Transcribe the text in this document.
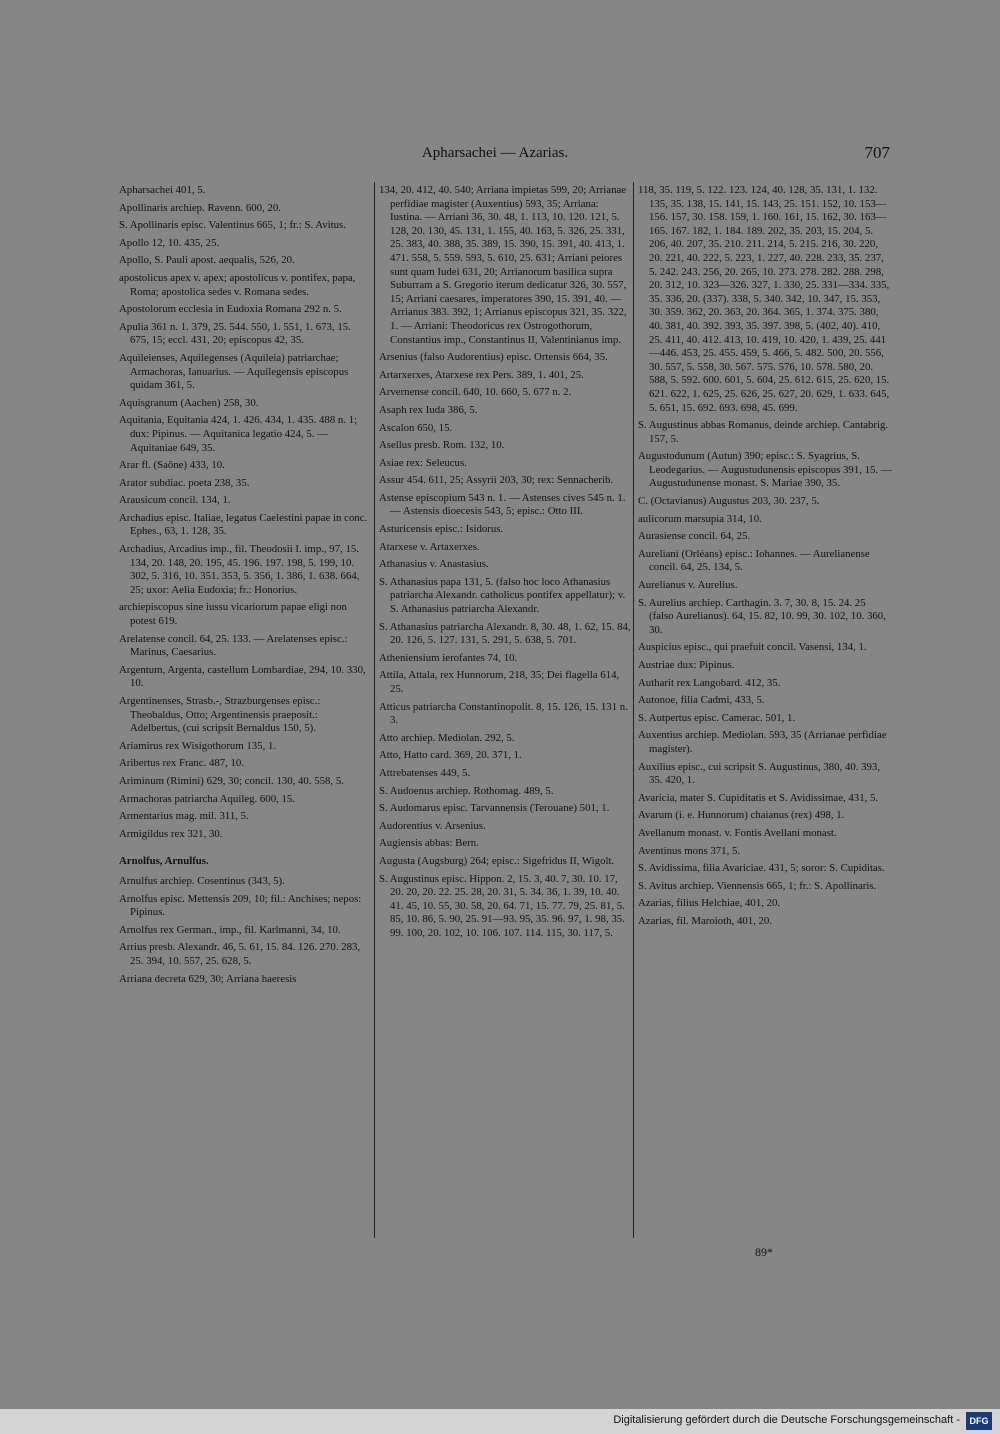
Apharsachei — Azarias.	707

Apharsachei 401, 5.

Apollinaris archiep. Ravenn. 600, 20.

S. Apollinaris episc. Valentinus 665, 1; fr.: S. Avitus.

Apollo 12, 10. 435, 25.

Apollo, S. Pauli apost. aequalis, 526, 20.

apostolicus apex v. apex; apostolicus v. pontifex, papa, Roma; apostolica sedes v. Romana sedes.

Apostolorum ecclesia in Eudoxia Romana 292 n. 5.

Apulia 361 n. 1. 379, 25. 544. 550, 1. 551, 1. 673, 15. 675, 15; eccl. 431, 20; episcopus 42, 35.

Aquileienses, Aquilegenses (Aquileia) patriarchae; Armachoras, Ianuarius. — Aquilegensis episcopus quidam 361, 5.

Aquisgranum (Aachen) 258, 30.

Aquitania, Equitania 424, 1. 426. 434, 1. 435. 488 n. 1; dux: Pipinus. — Aquitanica legatio 424, 5. — Aquitaniae 649, 35.

Arar fl. (Saône) 433, 10.

Arator subdiac. poeta 238, 35.

Arausicum concil. 134, 1.

Archadius episc. Italiae, legatus Caelestini papae in conc. Ephes., 63, 1. 128, 35.

Archadius, Arcadius imp., fil. Theodosii I. imp., 97, 15. 134, 20. 148, 20. 195, 45. 196. 197. 198, 5. 199, 10. 302, 5. 316, 10. 351. 353, 5. 356, 1. 386, 1. 638. 664, 25; uxor: Aelia Eudoxia; fr.: Honorius.

archiepiscopus sine iussu vicariorum papae eligi non potest 619.

Arelatense concil. 64, 25. 133. — Arelatenses episc.: Marinus, Caesarius.

Argentum, Argenta, castellum Lombardiae, 294, 10. 330, 10.

Argentinenses, Strasb.-, Strazburgenses episc.: Theobaldus, Otto; Argentinensis praeposit.: Adelbertus, (cui scripsit Bernaldus 150, 5).

Ariamirus rex Wisigothorum 135, 1.

Aribertus rex Franc. 487, 10.

Ariminum (Rimini) 629, 30; concil. 130, 40. 558, 5.

Armachoras patriarcha Aquileg. 600, 15.

Armentarius mag. mil. 311, 5.

Armigildus rex 321, 30.

Arnolfus, Arnulfus.

Arnulfus archiep. Cosentinus (343, 5).

Arnolfus episc. Mettensis 209, 10; fil.: Anchises; nepos: Pipinus.

Arnolfus rex German., imp., fil. Karlmanni, 34, 10.

Arrius presb. Alexandr. 46, 5. 61, 15. 84. 126. 270. 283, 25. 394, 10. 557, 25. 628, 5.

Arriana decreta 629, 30; Arriana haeresis

134, 20. 412, 40. 540; Arriana impietas 599, 20; Arrianae perfidiae magister (Auxentius) 593, 35; Arriana: Iustina. — Arriani 36, 30. 48, 1. 113, 10. 120. 121, 5. 128, 20. 130, 45. 131, 1. 155, 40. 163, 5. 326, 25. 331, 25. 383, 40. 388, 35. 389, 15. 390, 15. 391, 40. 413, 1. 471. 558, 5. 559. 593, 5. 610, 25. 631; Arriani peiores sunt quam Iudei 631, 20; Arrianorum basilica supra Suburram a S. Gregorio iterum dedicatur 326, 30. 557, 15; Arriani caesares, imperatores 390, 15. 391, 40. — Arrianus 383. 392, 1; Arrianus episcopus 321, 35. 322, 1. — Arriani: Theodoricus rex Ostrogothorum, Constantius imp., Constantinus II, Valentinianus imp.

Arsenius (falso Audorentius) episc. Ortensis 664, 35.

Artarxerxes, Atarxese rex Pers. 389, 1. 401, 25.

Arvernense concil. 640, 10. 660, 5. 677 n. 2.

Asaph rex Iuda 386, 5.

Ascalon 650, 15.

Asellus presb. Rom. 132, 10.

Asiae rex: Seleucus.

Assur 454. 611, 25; Assyrii 203, 30; rex: Sennacherib.

Astense episcopium 543 n. 1. — Astenses cives 545 n. 1. — Astensis dioecesis 543, 5; episc.: Otto III.

Asturicensis episc.: Isidorus.

Atarxese v. Artaxerxes.

Athanasius v. Anastasius.

S. Athanasius papa 131, 5. (falso hoc loco Athanasius patriarcha Alexandr. catholicus pontifex appellatur); v. S. Athanasius patriarcha Alexandr.

S. Athanasius patriarcha Alexandr. 8, 30. 48, 1. 62, 15. 84, 20. 126, 5. 127. 131, 5. 291, 5. 638, 5. 701.

Atheniensium ierofantes 74, 10.

Attila, Attala, rex Hunnorum, 218, 35; Dei flagella 614, 25.

Atticus patriarcha Constantinopolit. 8, 15. 126, 15. 131 n. 3.

Atto archiep. Mediolan. 292, 5.

Atto, Hatto card. 369, 20. 371, 1.

Attrebatenses 449, 5.

S. Audoenus archiep. Rothomag. 489, 5.

S. Audomarus episc. Tarvannensis (Terouane) 501, 1.

Audorentius v. Arsenius.

Augiensis abbas: Bern.

Augusta (Augsburg) 264; episc.: Sigefridus II, Wigolt.

S. Augustinus episc. Hippon. 2, 15. 3, 40. 7, 30. 10. 17, 20. 20, 20. 22. 25. 28, 20. 31, 5. 34. 36, 1. 39, 10. 40. 41. 45, 10. 55, 30. 58, 20. 64. 71, 15. 77. 79, 25. 81, 5. 85, 10. 86, 5. 90, 25. 91—93. 95, 35. 96. 97, 1. 98, 35. 99. 100, 20. 102, 10. 106. 107. 114. 115, 30. 117, 5.

118, 35. 119, 5. 122. 123. 124, 40. 128, 35. 131, 1. 132. 135, 35. 138, 15. 141, 15. 143, 25. 151. 152, 10. 153—156. 157, 30. 158. 159, 1. 160. 161, 15. 162, 30. 163—165. 167. 182, 1. 184. 189. 202, 35. 203, 15. 204, 5. 206, 40. 207, 35. 210. 211. 214, 5. 215. 216, 30. 220, 20. 221, 40. 222, 5. 223, 1. 227, 40. 228. 233, 35. 237, 5. 242. 243. 256, 20. 265, 10. 273. 278. 282. 288. 298, 20. 312, 10. 323—326. 327, 1. 330, 25. 331—334. 335, 35. 336, 20. (337). 338, 5. 340. 342, 10. 347, 15. 353, 30. 359. 362, 20. 363, 20. 364. 365, 1. 374. 375. 380, 40. 381, 40. 392. 393, 35. 397. 398, 5. (402, 40). 410, 25. 411, 40. 412. 413, 10. 419, 10. 420, 1. 439, 25. 441—446. 453, 25. 455. 459, 5. 466, 5. 482. 500, 20. 556, 30. 557, 5. 558, 30. 567. 575. 576, 10. 578. 580, 20. 588, 5. 592. 600. 601, 5. 604, 25. 612. 615, 25. 620, 15. 621. 622, 1. 625, 25. 626, 25. 627, 20. 629, 1. 633. 645, 5. 651, 15. 692. 693. 698, 45. 699.

S. Augustinus abbas Romanus, deinde archiep. Cantabrig. 157, 5.

Augustodunum (Autun) 390; episc.: S. Syagrius, S. Leodegarius. — Augustudunensis episcopus 391, 15. — Augustudunense monast. S. Mariae 390, 35.

C. (Octavianus) Augustus 203, 30. 237, 5.

aulicorum marsupia 314, 10.

Aurasiense concil. 64, 25.

Aureliani (Orléans) episc.: Iohannes. — Aurelianense concil. 64, 25. 134, 5.

Aurelianus v. Aurelius.

S. Aurelius archiep. Carthagin. 3. 7, 30. 8, 15. 24. 25 (falso Aurelianus). 64, 15. 82, 10. 99, 30. 102, 10. 360, 30.

Auspicius episc., qui praefuit concil. Vasensi, 134, 1.

Austriae dux: Pipinus.

Autharit rex Langobard. 412, 35.

Autonoe, filia Cadmi, 433, 5.

S. Autpertus episc. Camerac. 501, 1.

Auxentius archiep. Mediolan. 593, 35 (Arrianae perfidiae magister).

Auxilius episc., cui scripsit S. Augustinus, 380, 40. 393, 35. 420, 1.

Avaricia, mater S. Cupiditatis et S. Avidissimae, 431, 5.

Avarum (i. e. Hunnorum) chaianus (rex) 498, 1.

Avellanum monast. v. Fontis Avellani monast.

Aventinus mons 371, 5.

S. Avidissima, filia Avariciae. 431, 5; soror: S. Cupiditas.

S. Avitus archiep. Viennensis 665, 1; fr.: S. Apollinaris.

Azarias, filius Helchiae, 401, 20.

Azarias, fil. Maroioth, 401, 20.

89*
Digitalisierung gefördert durch die Deutsche Forschungsgemeinschaft -	DFG
